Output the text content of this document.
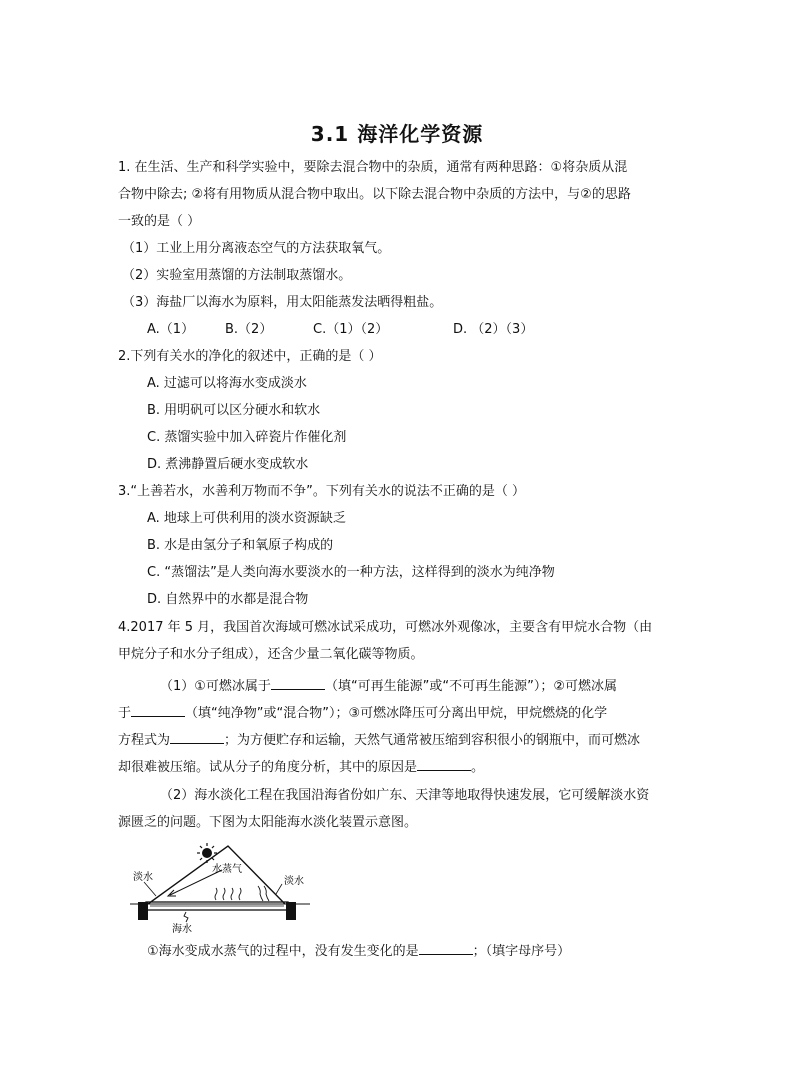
3.1 海洋化学资源
1. 在生活、生产和科学实验中，要除去混合物中的杂质，通常有两种思路：①将杂质从混
合物中除去; ②将有用物质从混合物中取出。以下除去混合物中杂质的方法中，与②的思路
一致的是（ ）
（1）工业上用分离液态空气的方法获取氧气。
（2）实验室用蒸馏的方法制取蒸馏水。
（3）海盐厂以海水为原料，用太阳能蒸发法晒得粗盐。
A.（1） B.（2）	C.（1）（2）	D. （2）（3）
2.下列有关水的净化的叙述中，正确的是（ ）
A. 过滤可以将海水变成淡水
B. 用明矾可以区分硬水和软水
C. 蒸馏实验中加入碎瓷片作催化剂
D. 煮沸静置后硬水变成软水
3.“上善若水，水善利万物而不争”。下列有关水的说法不正确的是（ ）
A. 地球上可供利用的淡水资源缺乏
B. 水是由氢分子和氧原子构成的
C. “蒸馏法”是人类向海水要淡水的一种方法，这样得到的淡水为纯净物
D. 自然界中的水都是混合物
4.2017 年 5 月，我国首次海域可燃冰试采成功，可燃冰外观像冰，主要含有甲烷水合物（由
甲烷分子和水分子组成），还含少量二氧化碳等物质。
（1）①可燃冰属于	（填“可再生能源”或“不可再生能源”）；②可燃冰属
于	（填“纯净物”或“混合物”）；③可燃冰降压可分离出甲烷，甲烷燃烧的化学
方程式为	；为方便贮存和运输，天然气通常被压缩到容积很小的钢瓶中，而可燃冰
却很难被压缩。试从分子的角度分析，其中的原因是	。
（2）海水淡化工程在我国沿海省份如广东、天津等地取得快速发展，它可缓解淡水资
源匮乏的问题。下图为太阳能海水淡化装置示意图。
淡水
水蒸气
淡水
海水
①海水变成水蒸气的过程中，没有发生变化的是	；（填字母序号）
